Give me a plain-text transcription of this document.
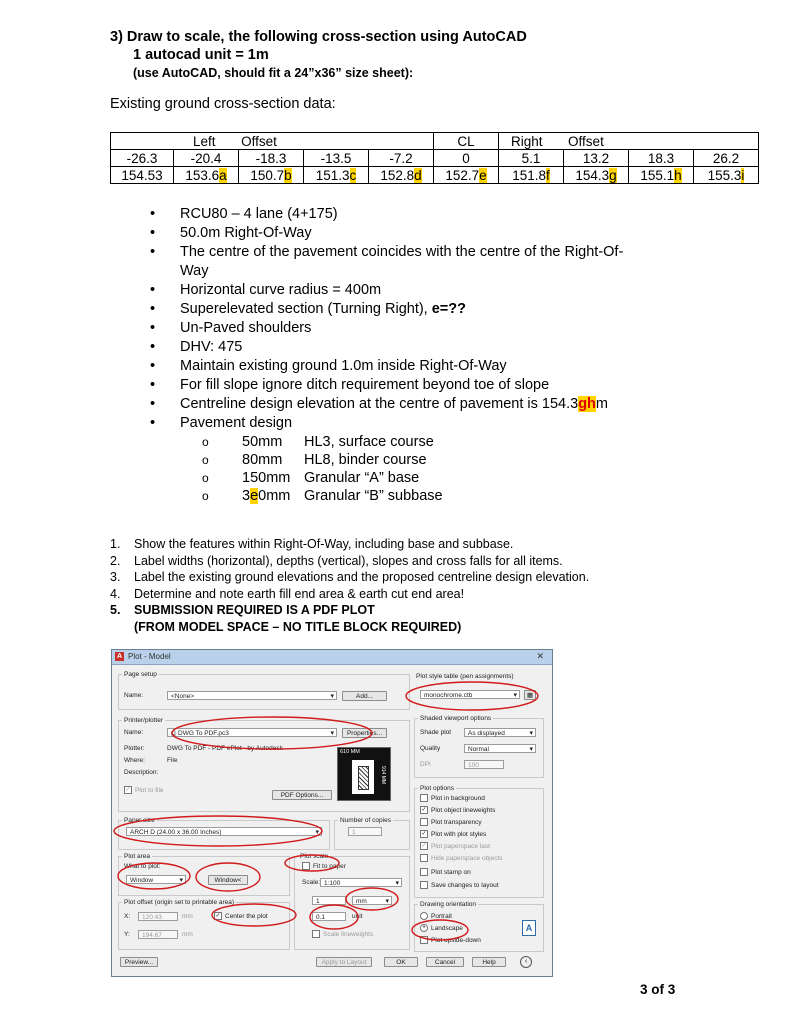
3) Draw to scale, the following cross-section using AutoCAD
1 autocad unit = 1m
(use AutoCAD, should fit a 24”x36” size sheet):
Existing ground cross-section data:
Left Offset					CL	Right Offset			
-26.3	-20.4	-18.3	-13.5	-7.2	0	5.1	13.2	18.3	26.2
154.53	153.6a	150.7b	151.3c	152.8d	152.7e	151.8f	154.3g	155.1h	155.3i
• RCU80 – 4 lane (4+175)
• 50.0m Right-Of-Way
• The centre of the pavement coincides with the centre of the Right-Of-Way
• Horizontal curve radius = 400m
• Superelevated section (Turning Right), e=??
• Un-Paved shoulders
• DHV: 475
• Maintain existing ground 1.0m inside Right-Of-Way
• For fill slope ignore ditch requirement beyond toe of slope
• Centreline design elevation at the centre of pavement is 154.3ghm
• Pavement design
o 50mm HL3, surface course
o 80mm HL8, binder course
o 150mm Granular “A” base
o 3e0mm Granular “B” subbase
1. Show the features within Right-Of-Way, including base and subbase.
2. Label widths (horizontal), depths (vertical), slopes and cross falls for all items.
3. Label the existing ground elevations and the proposed centreline design elevation.
4. Determine and note earth fill end area & earth cut end area!
5. SUBMISSION REQUIRED IS A PDF PLOT
(FROM MODEL SPACE – NO TITLE BLOCK REQUIRED)
A Plot - Model	✕
Page setup
Name:	<None> ▾	Add...
Printer/plotter
Name:	⎙ DWG To PDF.pc3 ▾	Properties...
Plotter:	DWG To PDF - PDF ePlot - by Autodesk
Where:	File
Description:
✓ Plot to file
PDF Options...
610 MM
914 MM
Paper size
ARCH D (24.00 x 36.00 Inches) ▾
Number of copies
1
Plot area
What to plot:
Window ▾	Window<
Plot offset (origin set to printable area)
X:	120.43	mm	✓ Center the plot
Y:	194.67	mm
Plot scale
Fit to paper
Scale: 1:100 ▾
1	mm ▾
0.1	unit
Scale lineweights
Plot style table (pen assignments)
monochrome.ctb ▾	▦
Shaded viewport options
Shade plot	As displayed ▾
Quality	Normal ▾
DPI	100
Plot options
Plot in background
✓ Plot object lineweights
Plot transparency
✓ Plot with plot styles
✓ Plot paperspace last
Hide paperspace objects
Plot stamp on
Save changes to layout
Drawing orientation
Portrait
• Landscape
Plot upside-down
A
Preview...	Apply to Layout	OK	Cancel	Help	‹
3 of 3
